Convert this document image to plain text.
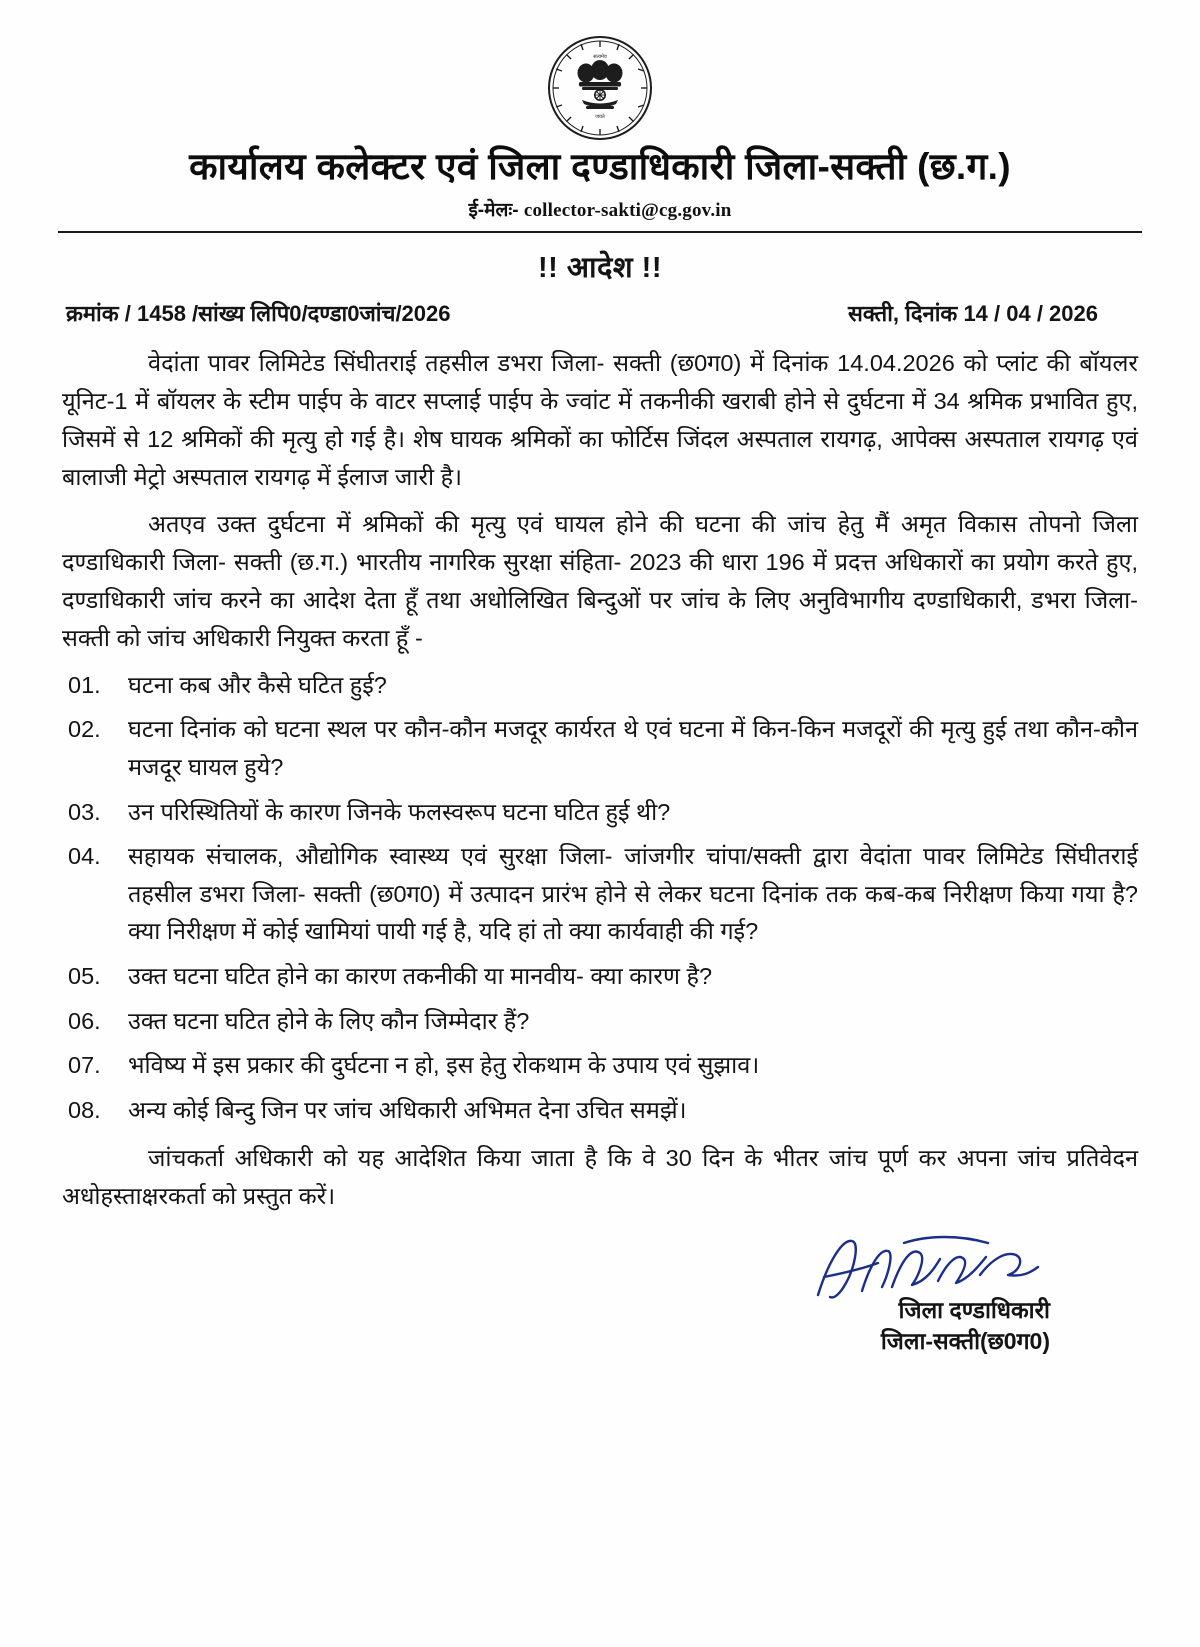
सत्यमेव
जयते
कार्यालय कलेक्टर एवं जिला दण्डाधिकारी जिला-सक्ती (छ.ग.)
ई-मेलः- collector-sakti@cg.gov.in
!! आदेश !!
क्रमांक / 1458 /सांख्य लिपि0/दण्डा0जांच/2026	सक्ती, दिनांक 14 / 04 / 2026

वेदांता पावर लिमिटेड सिंघीतराई तहसील डभरा जिला- सक्ती (छ0ग0) में दिनांक 14.04.2026 को प्लांट की बॉयलर यूनिट-1 में बॉयलर के स्टीम पाईप के वाटर सप्लाई पाईप के ज्वांट में तकनीकी खराबी होने से दुर्घटना में 34 श्रमिक प्रभावित हुए, जिसमें से 12 श्रमिकों की मृत्यु हो गई है। शेष घायक श्रमिकों का फोर्टिस जिंदल अस्पताल रायगढ़, आपेक्स अस्पताल रायगढ़ एवं बालाजी मेट्रो अस्पताल रायगढ़ में ईलाज जारी है।

अतएव उक्त दुर्घटना में श्रमिकों की मृत्यु एवं घायल होने की घटना की जांच हेतु मैं अमृत विकास तोपनो जिला दण्डाधिकारी जिला- सक्ती (छ.ग.) भारतीय नागरिक सुरक्षा संहिता- 2023 की धारा 196 में प्रदत्त अधिकारों का प्रयोग करते हुए, दण्डाधिकारी जांच करने का आदेश देता हूँ तथा अधोलिखित बिन्दुओं पर जांच के लिए अनुविभागीय दण्डाधिकारी, डभरा जिला- सक्ती को जांच अधिकारी नियुक्त करता हूँ -

01.	घटना कब और कैसे घटित हुई?
02.	घटना दिनांक को घटना स्थल पर कौन-कौन मजदूर कार्यरत थे एवं घटना में किन-किन मजदूरों की मृत्यु हुई तथा कौन-कौन मजदूर घायल हुये?
03.	उन परिस्थितियों के कारण जिनके फलस्वरूप घटना घटित हुई थी?
04.	सहायक संचालक, औद्योगिक स्वास्थ्य एवं सुरक्षा जिला- जांजगीर चांपा/सक्ती द्वारा वेदांता पावर लिमिटेड सिंघीतराई तहसील डभरा जिला- सक्ती (छ0ग0) में उत्पादन प्रारंभ होने से लेकर घटना दिनांक तक कब-कब निरीक्षण किया गया है? क्या निरीक्षण में कोई खामियां पायी गई है, यदि हां तो क्या कार्यवाही की गई?
05.	उक्त घटना घटित होने का कारण तकनीकी या मानवीय- क्या कारण है?
06.	उक्त घटना घटित होने के लिए कौन जिम्मेदार हैं?
07.	भविष्य में इस प्रकार की दुर्घटना न हो, इस हेतु रोकथाम के उपाय एवं सुझाव।
08.	अन्य कोई बिन्दु जिन पर जांच अधिकारी अभिमत देना उचित समझें।

जांचकर्ता अधिकारी को यह आदेशित किया जाता है कि वे 30 दिन के भीतर जांच पूर्ण कर अपना जांच प्रतिवेदन अधोहस्ताक्षरकर्ता को प्रस्तुत करें।

जिला दण्डाधिकारी
जिला-सक्ती(छ0ग0)
